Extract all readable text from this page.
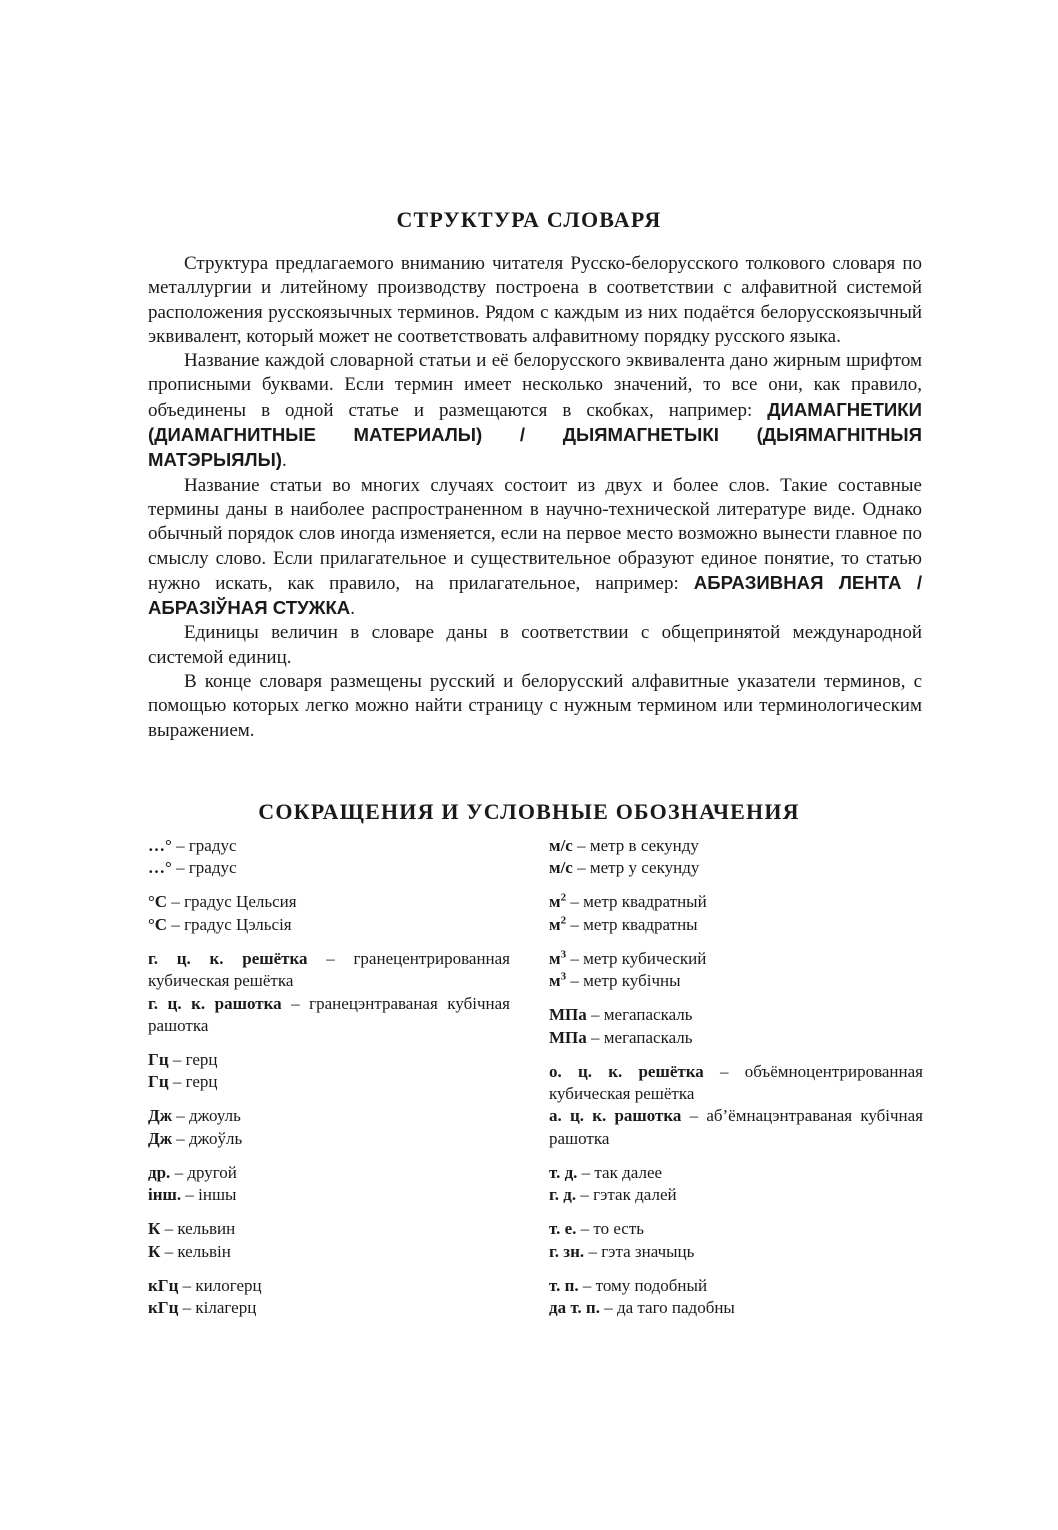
СТРУКТУРА СЛОВАРЯ

Структура предлагаемого вниманию читателя Русско-белорусского толкового словаря по металлургии и литейному производству построена в соответствии с алфавитной системой расположения русскоязычных терминов. Рядом с каждым из них подаётся белорусскоязычный эквивалент, который может не соответствовать алфавитному порядку русского языка.

Название каждой словарной статьи и её белорусского эквивалента дано жирным шрифтом прописными буквами. Если термин имеет несколько значений, то все они, как правило, объединены в одной статье и размещаются в скобках, например: ДИАМАГНЕТИКИ (ДИАМАГНИТНЫЕ МАТЕРИАЛЫ) / ДЫЯМАГНЕТЫКІ (ДЫЯМАГНІТНЫЯ МАТЭРЫЯЛЫ).

Название статьи во многих случаях состоит из двух и более слов. Такие составные термины даны в наиболее распространенном в научно-технической литературе виде. Однако обычный порядок слов иногда изменяется, если на первое место возможно вынести главное по смыслу слово. Если прилагательное и существительное образуют единое понятие, то статью нужно искать, как правило, на прилагательное, например: АБРАЗИВНАЯ ЛЕНТА / АБРАЗІЎНАЯ СТУЖКА.

Единицы величин в словаре даны в соответствии с общепринятой международной системой единиц.

В конце словаря размещены русский и белорусский алфавитные указатели терминов, с помощью которых легко можно найти страницу с нужным термином или терминологическим выражением.

СОКРАЩЕНИЯ И УСЛОВНЫЕ ОБОЗНАЧЕНИЯ
…° – градус
…° – градус
°С – градус Цельсия
°С – градус Цэльсія
г. ц. к. решётка – гранецентрированная кубическая решётка
г. ц. к. рашотка – гранецэнтраваная кубічная рашотка
Гц – герц
Гц – герц
Дж – джоуль
Дж – джоўль
др. – другой
інш. – іншы
К – кельвин
К – кельвін
кГц – килогерц
кГц – кілагерц
м/с – метр в секунду
м/с – метр у секунду
$м^2$ – метр квадратный
$м^2$ – метр квадратны
$м^3$ – метр кубический
$м^3$ – метр кубічны
МПа – мегапаскаль
МПа – мегапаскаль
о. ц. к. решётка – объёмноцентрированная кубическая решётка
а. ц. к. рашотка – аб’ёмнацэнтраваная кубічная рашотка
т. д. – так далее
г. д. – гэтак далей
т. е. – то есть
г. зн. – гэта значыць
т. п. – тому подобный
да т. п. – да таго падобны
